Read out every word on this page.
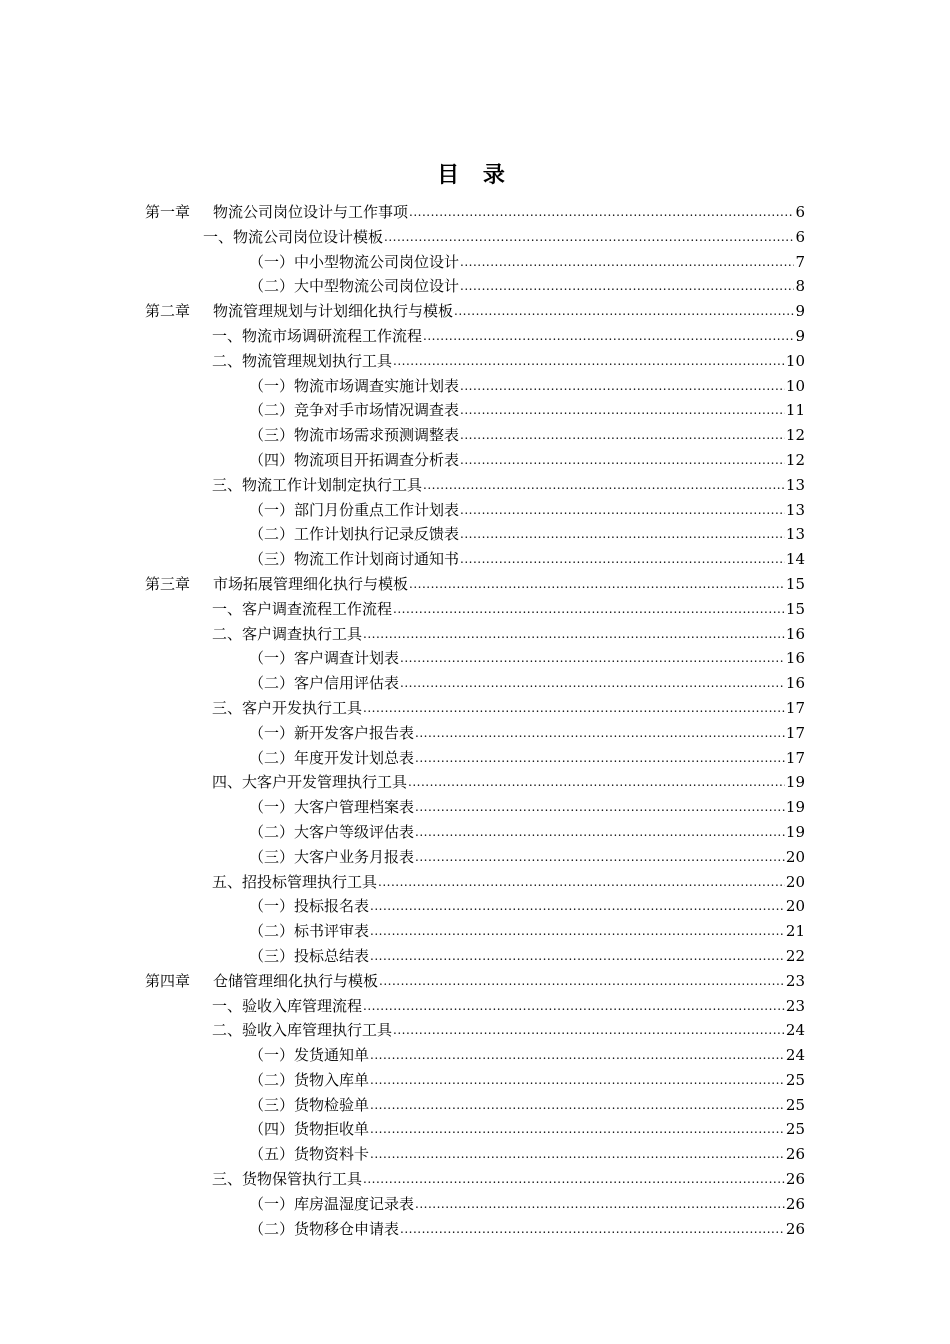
目 录
第一章 物流公司岗位设计与工作事项 .....	6
一、物流公司岗位设计模板 .....	6
（一）中小型物流公司岗位设计 .....	7
（二）大中型物流公司岗位设计 .....	8
第二章 物流管理规划与计划细化执行与模板 .....	9
一、物流市场调研流程工作流程 .....	9
二、物流管理规划执行工具 .....	10
（一）物流市场调查实施计划表 .....	10
（二）竞争对手市场情况调查表 .....	11
（三）物流市场需求预测调整表 .....	12
（四）物流项目开拓调查分析表 .....	12
三、物流工作计划制定执行工具 .....	13
（一）部门月份重点工作计划表 .....	13
（二）工作计划执行记录反馈表 .....	13
（三）物流工作计划商讨通知书 .....	14
第三章 市场拓展管理细化执行与模板 .....	15
一、客户调查流程工作流程 .....	15
二、客户调查执行工具 .....	16
（一）客户调查计划表 .....	16
（二）客户信用评估表 .....	16
三、客户开发执行工具 .....	17
（一）新开发客户报告表 .....	17
（二）年度开发计划总表 .....	17
四、大客户开发管理执行工具 .....	19
（一）大客户管理档案表 .....	19
（二）大客户等级评估表 .....	19
（三）大客户业务月报表 .....	20
五、招投标管理执行工具 .....	20
（一）投标报名表 .....	20
（二）标书评审表 .....	21
（三）投标总结表 .....	22
第四章 仓储管理细化执行与模板 .....	23
一、验收入库管理流程 .....	23
二、验收入库管理执行工具 .....	24
（一）发货通知单 .....	24
（二）货物入库单 .....	25
（三）货物检验单 .....	25
（四）货物拒收单 .....	25
（五）货物资料卡 .....	26
三、货物保管执行工具 .....	26
（一）库房温湿度记录表 .....	26
（二）货物移仓申请表 .....	26
